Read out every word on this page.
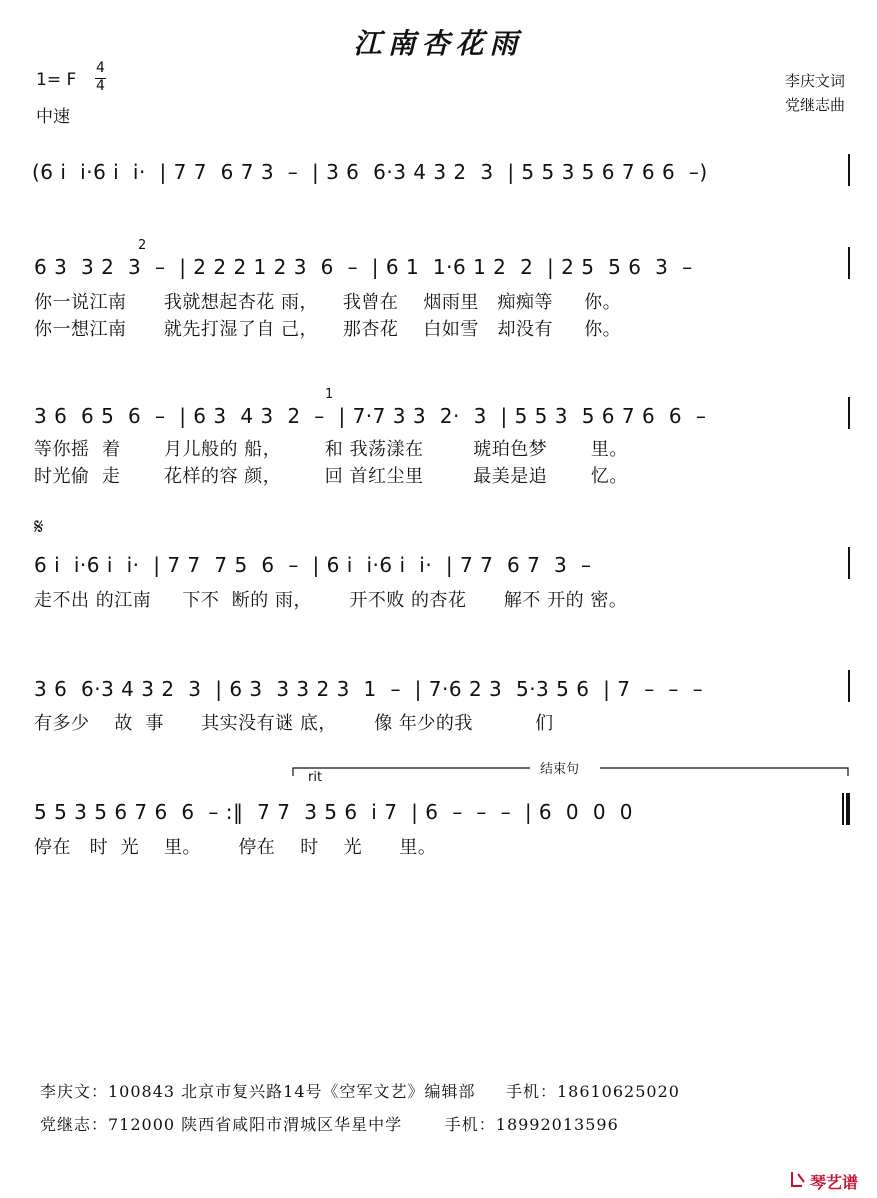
江南杏花雨
1= F
4
4
中速
李庆文词
党继志曲
(6 i  i·6 i  i·  | 7 7  6 7 3  –  | 3 6  6·3 4 3 2  3  | 5 5 3 5 6 7 6 6  –)
2
6 3  3 2  3  –  | 2 2 2 1 2 3  6  –  | 6 1  1·6 1 2  2  | 2 5  5 6  3  –
你一说江南      我就想起杏花 雨，    我曾在    烟雨里   痴痴等     你。
你一想江南      就先打湿了自 己，    那杏花    白如雪   却没有     你。
1
3 6  6 5  6  –  | 6 3  4 3  2  –  | 7·7 3 3  2·  3  | 5 5 3  5 6 7 6  6  –
等你摇  着       月儿般的 船，       和 我荡漾在        琥珀色梦       里。
时光偷  走       花样的容 颜，       回 首红尘里        最美是追       忆。
𝄋
6 i  i·6 i  i·  | 7 7  7 5  6  –  | 6 i  i·6 i  i·  | 7 7  6 7  3  –
走不出 的江南     下不  断的 雨，      开不败 的杏花      解不 开的 密。
3 6  6·3 4 3 2  3  | 6 3  3 3 2 3  1  –  | 7·6 2 3  5·3 5 6  | 7  –  –  –
有多少    故  事      其实没有谜 底，      像 年少的我          们
结束句
rit
5 5 3 5 6 7 6  6  – :‖  7 7  3 5 6  i 7  | 6  –  –  –  | 6  0  0  0
停在   时  光    里。      停在    时    光      里。
李庆文：100843 北京市复兴路14号《空军文艺》编辑部     手机：18610625020
党继志：712000 陕西省咸阳市渭城区华星中学       手机：18992013596
琴艺谱
